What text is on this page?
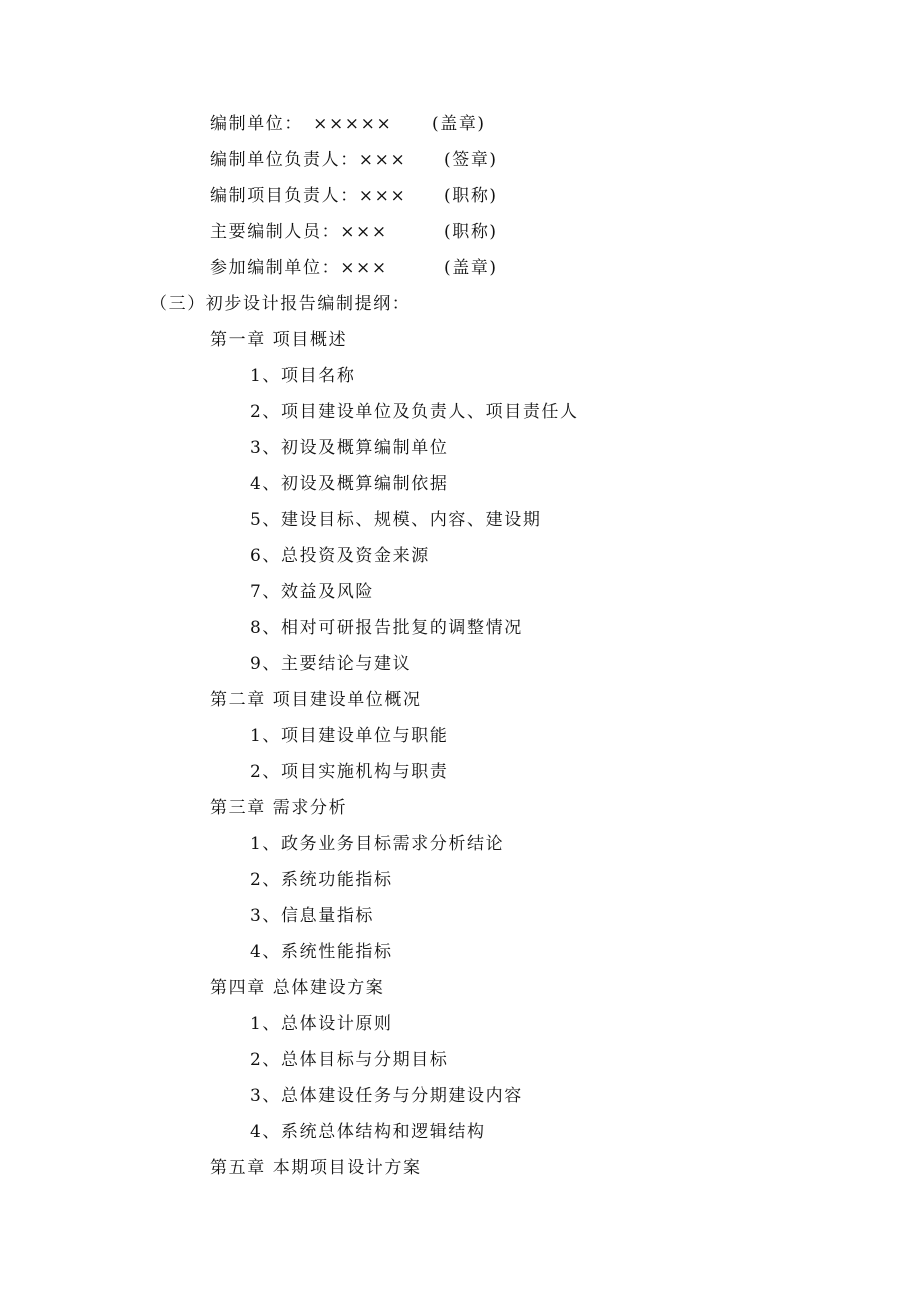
编制单位：　××××× (盖章)
编制单位负责人：××× (签章)
编制项目负责人：××× (职称)
主要编制人员：×××	(职称)
参加编制单位：×××	(盖章)
（三）初步设计报告编制提纲：
第一章 项目概述
1、项目名称
2、项目建设单位及负责人、项目责任人
3、初设及概算编制单位
4、初设及概算编制依据
5、建设目标、规模、内容、建设期
6、总投资及资金来源
7、效益及风险
8、相对可研报告批复的调整情况
9、主要结论与建议
第二章 项目建设单位概况
1、项目建设单位与职能
2、项目实施机构与职责
第三章 需求分析
1、政务业务目标需求分析结论
2、系统功能指标
3、信息量指标
4、系统性能指标
第四章 总体建设方案
1、总体设计原则
2、总体目标与分期目标
3、总体建设任务与分期建设内容
4、系统总体结构和逻辑结构
第五章 本期项目设计方案
